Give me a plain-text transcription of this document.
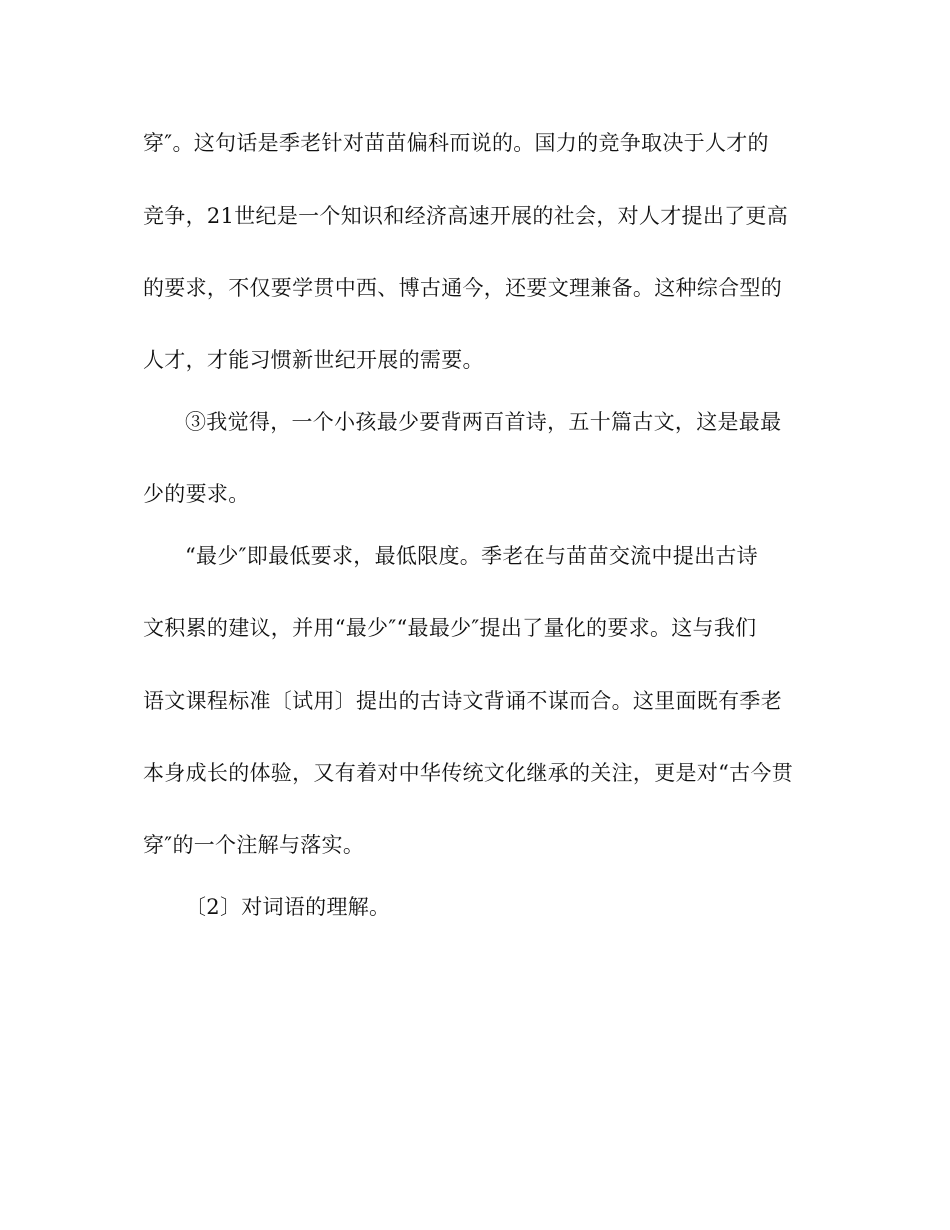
穿″。这句话是季老针对苗苗偏科而说的。国力的竞争取决于人才的
竞争，21世纪是一个知识和经济高速开展的社会，对人才提出了更高
的要求，不仅要学贯中西、博古通今，还要文理兼备。这种综合型的
人才，才能习惯新世纪开展的需要。
③我觉得，一个小孩最少要背两百首诗，五十篇古文，这是最最
少的要求。
“最少″即最低要求，最低限度。季老在与苗苗交流中提出古诗
文积累的建议，并用“最少″“最最少″提出了量化的要求。这与我们
语文课程标准〔试用〕提出的古诗文背诵不谋而合。这里面既有季老
本身成长的体验，又有着对中华传统文化继承的关注，更是对“古今贯
穿″的一个注解与落实。
〔2〕对词语的理解。
